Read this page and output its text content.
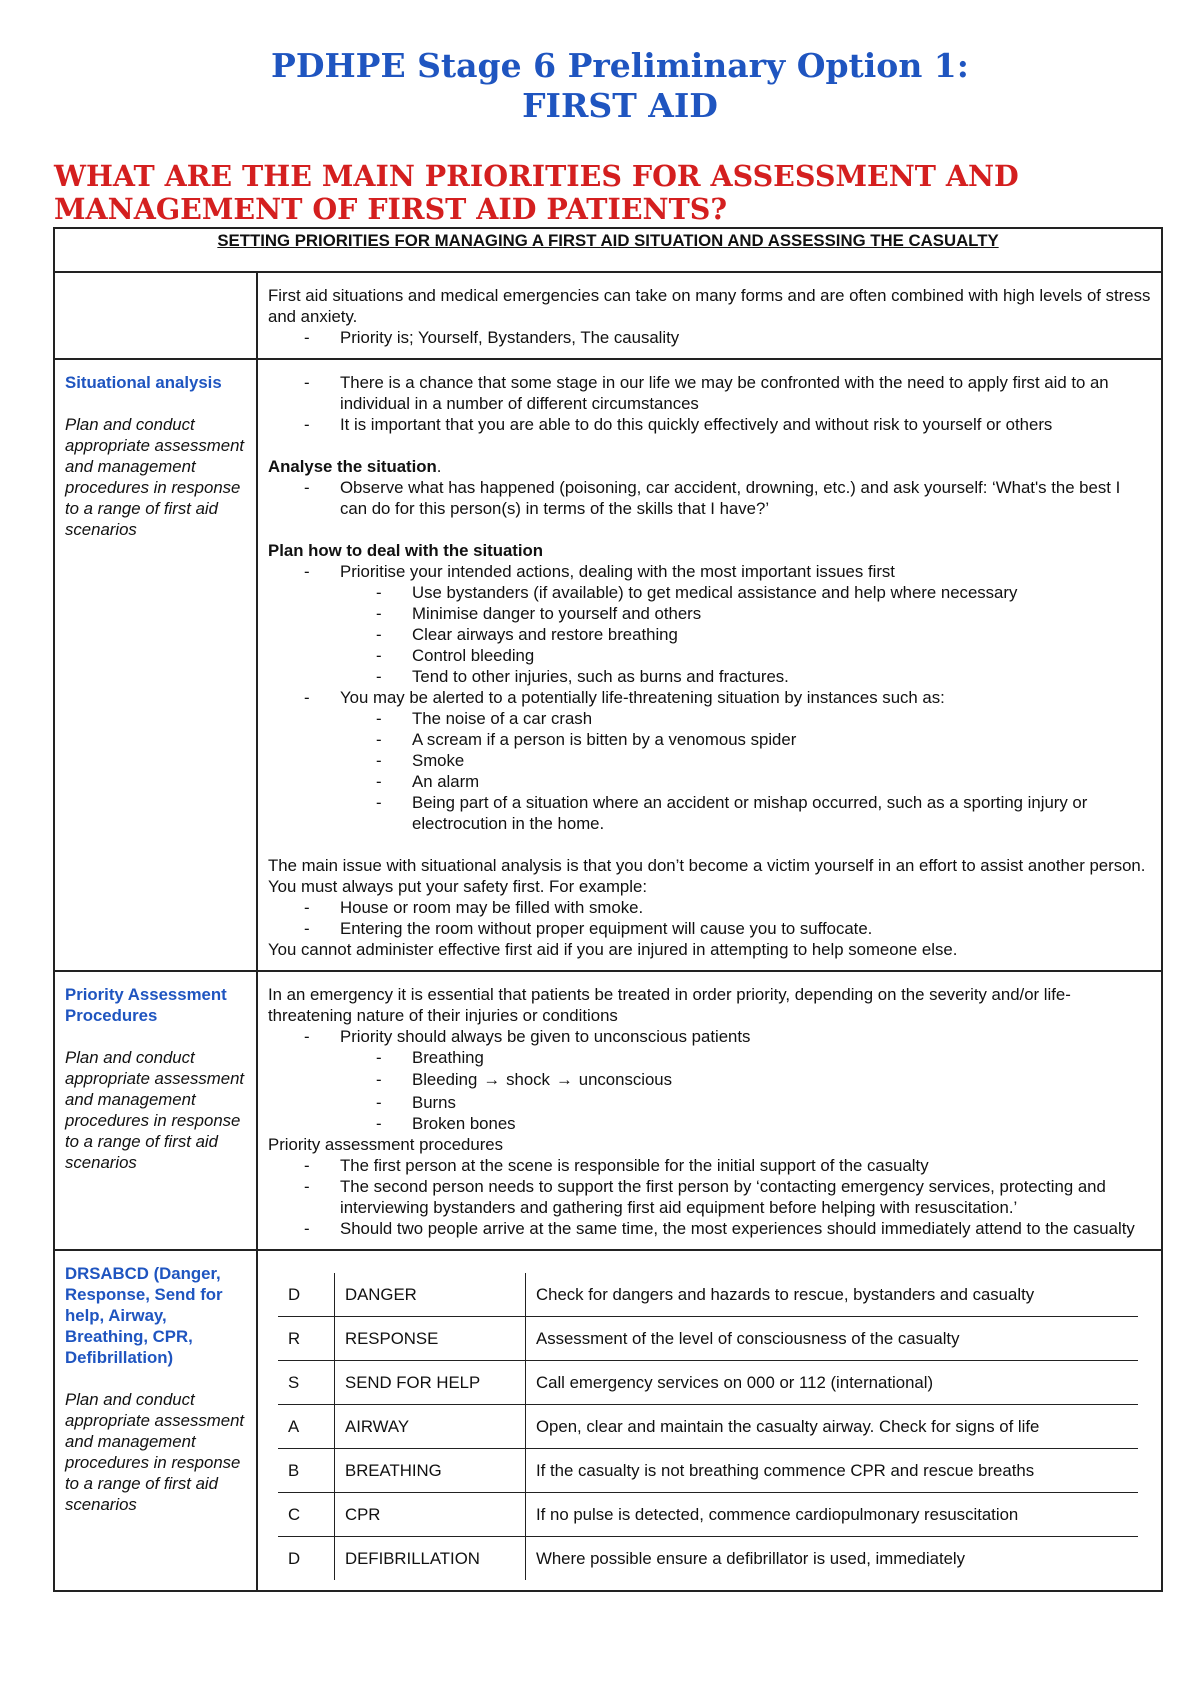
PDHPE Stage 6 Preliminary Option 1:
FIRST AID
WHAT ARE THE MAIN PRIORITIES FOR ASSESSMENT AND MANAGEMENT OF FIRST AID PATIENTS?
SETTING PRIORITIES FOR MANAGING A FIRST AID SITUATION AND ASSESSING THE CASUALTY

First aid situations and medical emergencies can take on many forms and are often combined with high levels of stress and anxiety.

- Priority is; Yourself, Bystanders, The causality

Situational analysis
Plan and conduct appropriate assessment and management procedures in response to a range of first aid scenarios

- There is a chance that some stage in our life we may be confronted with the need to apply first aid to an individual in a number of different circumstances
- It is important that you are able to do this quickly effectively and without risk to yourself or others

Analyse the situation.

- Observe what has happened (poisoning, car accident, drowning, etc.) and ask yourself: ‘What's the best I can do for this person(s) in terms of the skills that I have?’

Plan how to deal with the situation

- Prioritise your intended actions, dealing with the most important issues first
- Use bystanders (if available) to get medical assistance and help where necessary
- Minimise danger to yourself and others
- Clear airways and restore breathing
- Control bleeding
- Tend to other injuries, such as burns and fractures.
- You may be alerted to a potentially life-threatening situation by instances such as:
- The noise of a car crash
- A scream if a person is bitten by a venomous spider
- Smoke
- An alarm
- Being part of a situation where an accident or mishap occurred, such as a sporting injury or electrocution in the home.

The main issue with situational analysis is that you don’t become a victim yourself in an effort to assist another person. You must always put your safety first. For example:

- House or room may be filled with smoke.
- Entering the room without proper equipment will cause you to suffocate.

You cannot administer effective first aid if you are injured in attempting to help someone else.

Priority Assessment Procedures
Plan and conduct appropriate assessment and management procedures in response to a range of first aid scenarios

In an emergency it is essential that patients be treated in order priority, depending on the severity and/or life-threatening nature of their injuries or conditions

- Priority should always be given to unconscious patients
- Breathing
- Bleeding → shock → unconscious
- Burns
- Broken bones

Priority assessment procedures

- The first person at the scene is responsible for the initial support of the casualty
- The second person needs to support the first person by ‘contacting emergency services, protecting and interviewing bystanders and gathering first aid equipment before helping with resuscitation.’
- Should two people arrive at the same time, the most experiences should immediately attend to the casualty

DRSABCD (Danger, Response, Send for help, Airway, Breathing, CPR, Defibrillation)
Plan and conduct appropriate assessment and management procedures in response to a range of first aid scenarios

D	DANGER	Check for dangers and hazards to rescue, bystanders and casualty
R	RESPONSE	Assessment of the level of consciousness of the casualty
S	SEND FOR HELP	Call emergency services on 000 or 112 (international)
A	AIRWAY	Open, clear and maintain the casualty airway. Check for signs of life
B	BREATHING	If the casualty is not breathing commence CPR and rescue breaths
C	CPR	If no pulse is detected, commence cardiopulmonary resuscitation
D	DEFIBRILLATION	Where possible ensure a defibrillator is used, immediately
